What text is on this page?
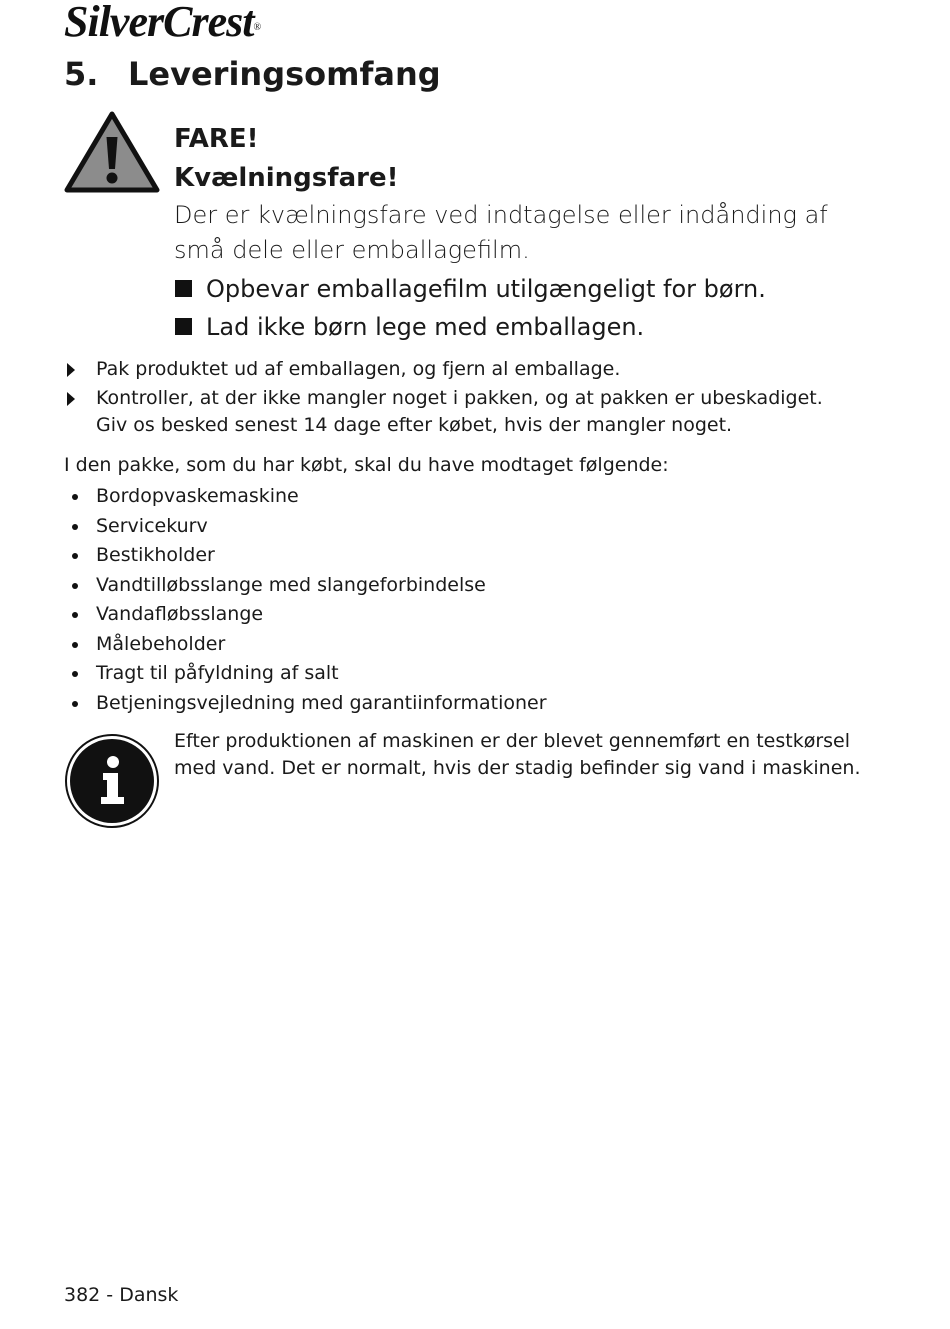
SilverCrest®
5. Leveringsomfang

FARE!

Kvælningsfare!

Der er kvælningsfare ved indtagelse eller indånding af små dele eller emballagefilm.

Opbevar emballagefilm utilgængeligt for børn.
Lad ikke børn lege med emballagen.
Pak produktet ud af emballagen, og fjern al emballage.
Kontroller, at der ikke mangler noget i pakken, og at pakken er ubeskadiget. Giv os besked senest 14 dage efter købet, hvis der mangler noget.

I den pakke, som du har købt, skal du have modtaget følgende:

Bordopvaskemaskine
Servicekurv
Bestikholder
Vandtilløbsslange med slangeforbindelse
Vandafløbsslange
Målebeholder
Tragt til påfyldning af salt
Betjeningsvejledning med garantiinformationer

Efter produktionen af maskinen er der blevet gennemført en testkørsel med vand. Det er normalt, hvis der stadig befinder sig vand i maskinen.

382 - Dansk
